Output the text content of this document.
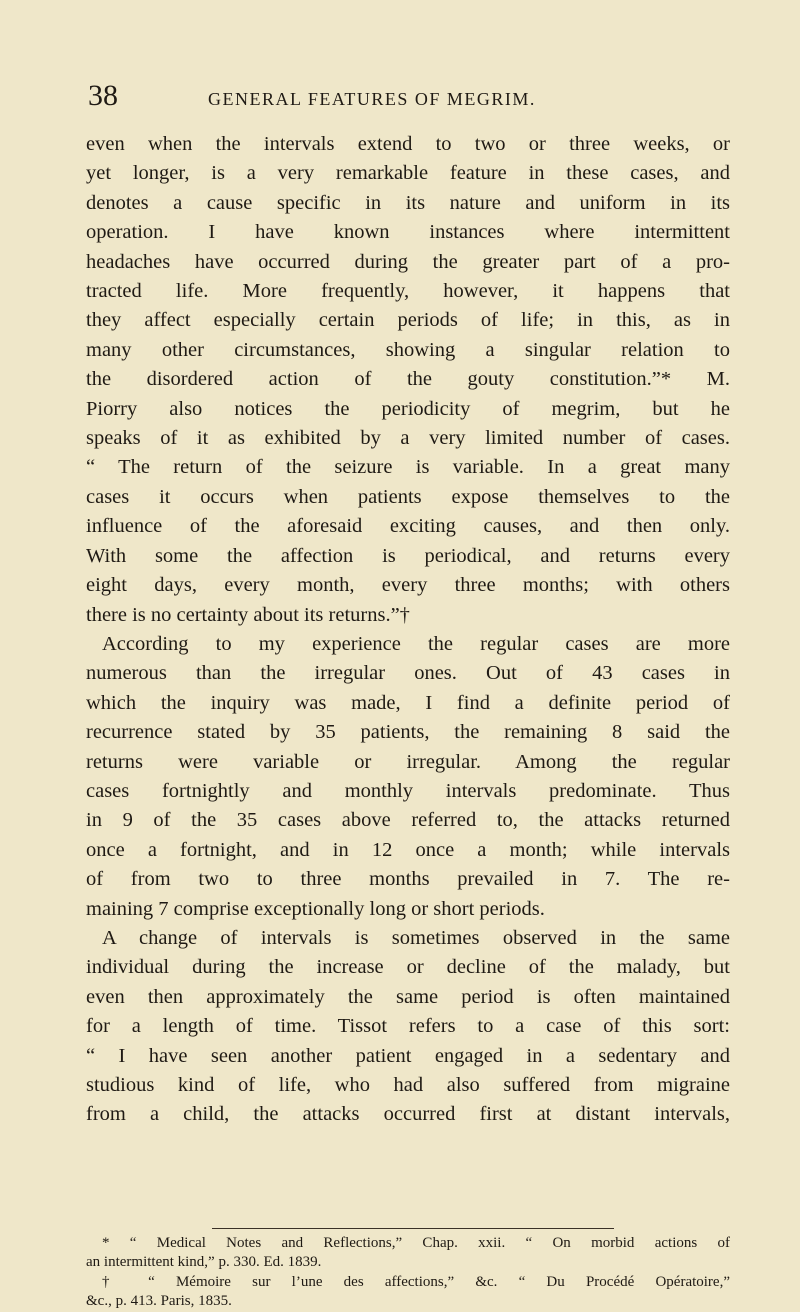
38	GENERAL FEATURES OF MEGRIM.
even when the intervals extend to two or three weeks, or
yet longer, is a very remarkable feature in these cases, and
denotes a cause specific in its nature and uniform in its
operation. I have known instances where intermittent
headaches have occurred during the greater part of a pro-
tracted life. More frequently, however, it happens that
they affect especially certain periods of life; in this, as in
many other circumstances, showing a singular relation to
the disordered action of the gouty constitution.”* M.
Piorry also notices the periodicity of megrim, but he
speaks of it as exhibited by a very limited number of cases.
“ The return of the seizure is variable. In a great many
cases it occurs when patients expose themselves to the
influence of the aforesaid exciting causes, and then only.
With some the affection is periodical, and returns every
eight days, every month, every three months; with others
there is no certainty about its returns.”†
According to my experience the regular cases are more
numerous than the irregular ones. Out of 43 cases in
which the inquiry was made, I find a definite period of
recurrence stated by 35 patients, the remaining 8 said the
returns were variable or irregular. Among the regular
cases fortnightly and monthly intervals predominate. Thus
in 9 of the 35 cases above referred to, the attacks returned
once a fortnight, and in 12 once a month; while intervals
of from two to three months prevailed in 7. The re-
maining 7 comprise exceptionally long or short periods.
A change of intervals is sometimes observed in the same
individual during the increase or decline of the malady, but
even then approximately the same period is often maintained
for a length of time. Tissot refers to a case of this sort:
“ I have seen another patient engaged in a sedentary and
studious kind of life, who had also suffered from migraine
from a child, the attacks occurred first at distant intervals,
* “ Medical Notes and Reflections,” Chap. xxii. “ On morbid actions of
an intermittent kind,” p. 330. Ed. 1839.
† “ Mémoire sur l’une des affections,” &c. “ Du Procédé Opératoire,”
&c., p. 413. Paris, 1835.
